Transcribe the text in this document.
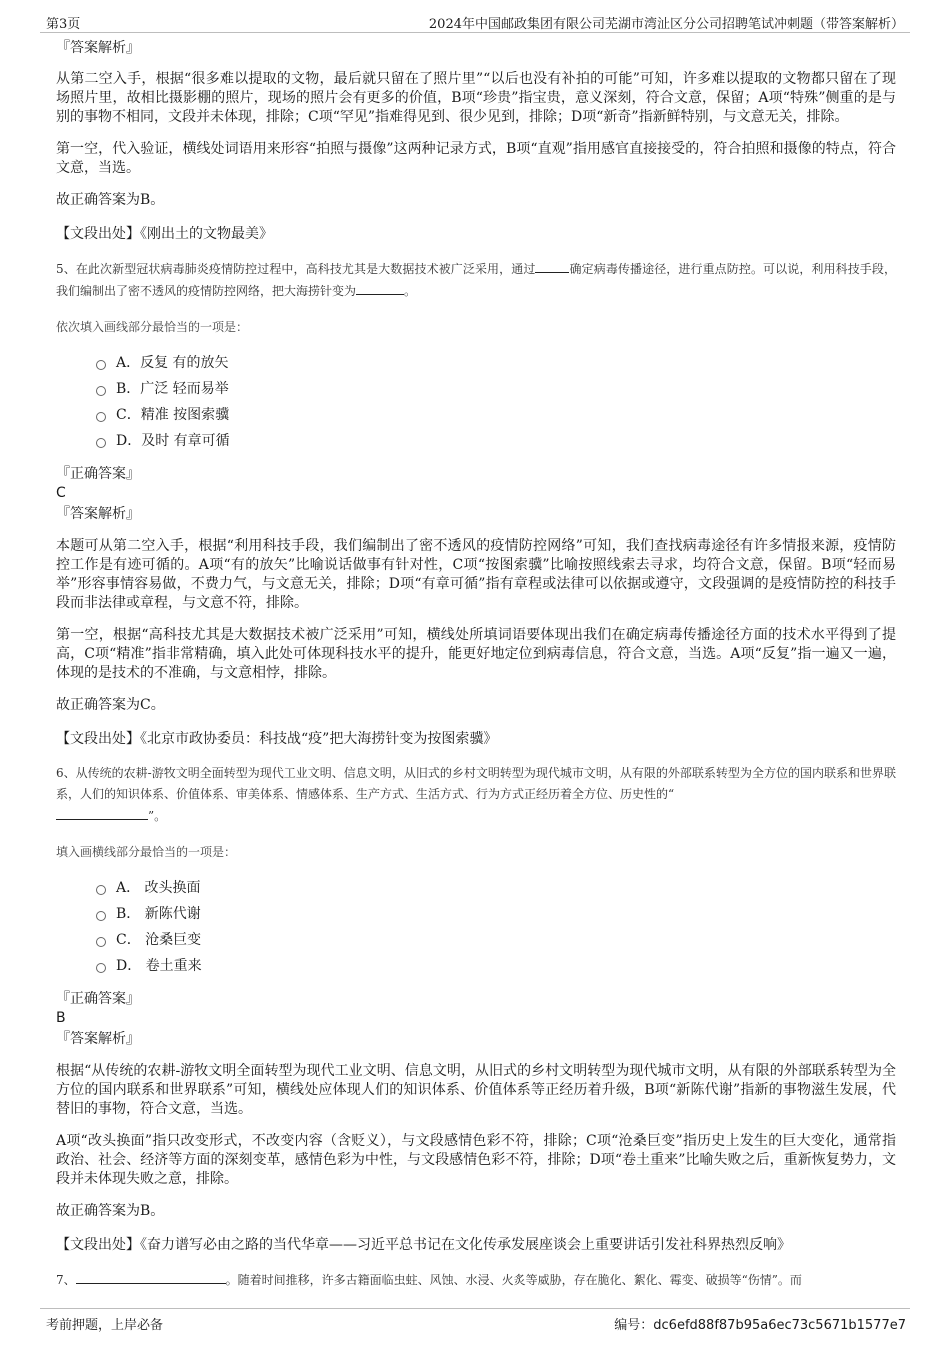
第3页	2024年中国邮政集团有限公司芜湖市湾沚区分公司招聘笔试冲刺题（带答案解析）

『答案解析』

从第二空入手，根据“很多难以提取的文物，最后就只留在了照片里”“以后也没有补拍的可能”可知，许多难以提取的文物都只留在了现场照片里，故相比摄影棚的照片，现场的照片会有更多的价值，B项“珍贵”指宝贵，意义深刻，符合文意，保留；A项“特殊”侧重的是与别的事物不相同，文段并未体现，排除；C项“罕见”指难得见到、很少见到，排除；D项“新奇”指新鲜特别，与文意无关，排除。

第一空，代入验证，横线处词语用来形容“拍照与摄像”这两种记录方式，B项“直观”指用感官直接接受的，符合拍照和摄像的特点，符合文意，当选。

故正确答案为B。

【文段出处】《刚出土的文物最美》

5、在此次新型冠状病毒肺炎疫情防控过程中，高科技尤其是大数据技术被广泛采用，通过	确定病毒传播途径，进行重点防控。可以说，利用科技手段，我们编制出了密不透风的疫情防控网络，把大海捞针变为	。

依次填入画线部分最恰当的一项是：

A．反复 有的放矢
B．广泛 轻而易举
C．精准 按图索骥
D．及时 有章可循

『正确答案』

C

『答案解析』

本题可从第二空入手，根据“利用科技手段，我们编制出了密不透风的疫情防控网络”可知，我们查找病毒途径有许多情报来源，疫情防控工作是有迹可循的。A项“有的放矢”比喻说话做事有针对性，C项“按图索骥”比喻按照线索去寻求，均符合文意，保留。B项“轻而易举”形容事情容易做，不费力气，与文意无关，排除；D项“有章可循”指有章程或法律可以依据或遵守，文段强调的是疫情防控的科技手段而非法律或章程，与文意不符，排除。

第一空，根据“高科技尤其是大数据技术被广泛采用”可知，横线处所填词语要体现出我们在确定病毒传播途径方面的技术水平得到了提高，C项“精准”指非常精确，填入此处可体现科技水平的提升，能更好地定位到病毒信息，符合文意，当选。A项“反复”指一遍又一遍，体现的是技术的不准确，与文意相悖，排除。

故正确答案为C。

【文段出处】《北京市政协委员：科技战“疫”把大海捞针变为按图索骥》

6、从传统的农耕-游牧文明全面转型为现代工业文明、信息文明，从旧式的乡村文明转型为现代城市文明，从有限的外部联系转型为全方位的国内联系和世界联系，人们的知识体系、价值体系、审美体系、情感体系、生产方式、生活方式、行为方式正经历着全方位、历史性的“
”。

填入画横线部分最恰当的一项是：

A． 改头换面
B． 新陈代谢
C． 沧桑巨变
D． 卷土重来

『正确答案』

B

『答案解析』

根据“从传统的农耕-游牧文明全面转型为现代工业文明、信息文明，从旧式的乡村文明转型为现代城市文明，从有限的外部联系转型为全方位的国内联系和世界联系”可知，横线处应体现人们的知识体系、价值体系等正经历着升级，B项“新陈代谢”指新的事物滋生发展，代替旧的事物，符合文意，当选。

A项“改头换面”指只改变形式，不改变内容（含贬义），与文段感情色彩不符，排除；C项“沧桑巨变”指历史上发生的巨大变化，通常指政治、社会、经济等方面的深刻变革，感情色彩为中性，与文段感情色彩不符，排除；D项“卷土重来”比喻失败之后，重新恢复势力，文段并未体现失败之意，排除。

故正确答案为B。

【文段出处】《奋力谱写必由之路的当代华章——习近平总书记在文化传承发展座谈会上重要讲话引发社科界热烈反响》

7、	。随着时间推移，许多古籍面临虫蛀、风蚀、水浸、火炙等威胁，存在脆化、絮化、霉变、破损等“伤情”。而

考前押题，上岸必备	编号：dc6efd88f87b95a6ec73c5671b1577e7
